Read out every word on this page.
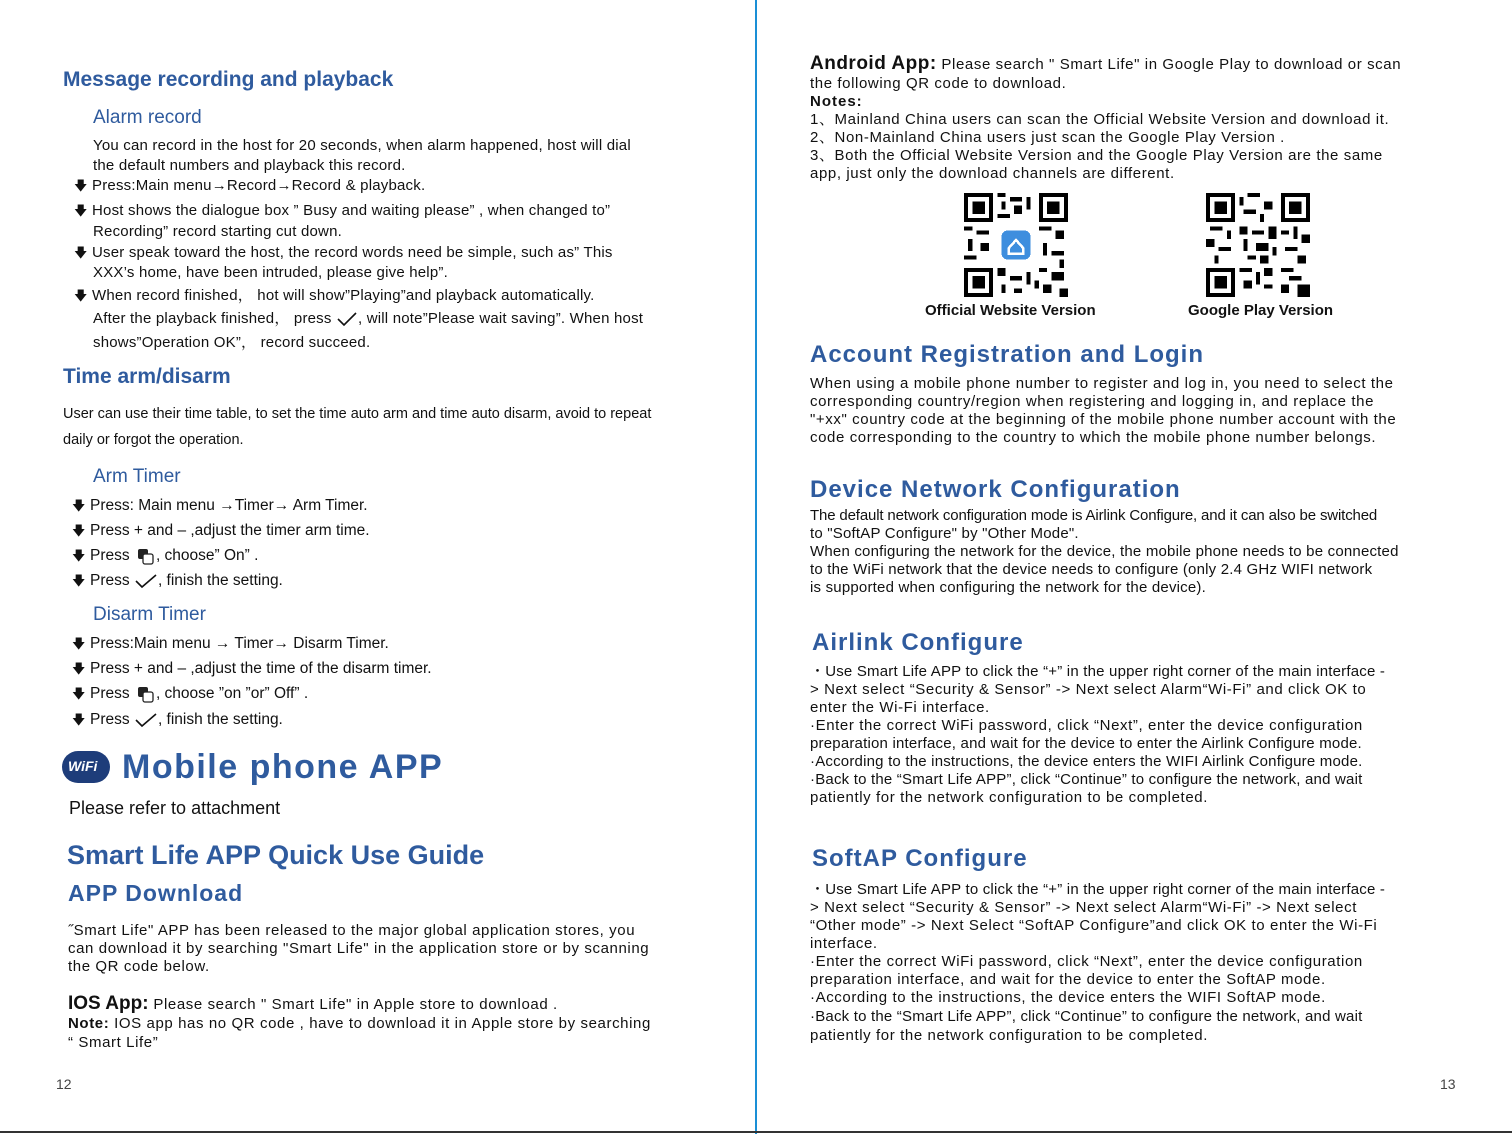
Message recording and playback
Alarm record
You can record in the host for 20 seconds, when alarm happened, host will dial
the default numbers and playback this record.
🡇 Press:Main menu→Record→Record & playback.
🡇 Host shows the dialogue box ” Busy and waiting please” , when changed to”
Recording” record starting cut down.
🡇 User speak toward the host, the record words need be simple, such as” This
XXX’s home, have been intruded, please give help”.
🡇 When record finished， hot will show”Playing”and playback automatically.
After the playback finished， press , will note”Please wait saving”. When host
shows”Operation OK”， record succeed.
Time arm/disarm
User can use their time table, to set the time auto arm and time auto disarm, avoid to repeat
daily or forgot the operation.
Arm Timer
🡇 Press: Main menu →Timer→ Arm Timer.
🡇 Press + and – ,adjust the timer arm time.
🡇 Press , choose” On” .
🡇 Press , finish the setting.
Disarm Timer
🡇 Press:Main menu → Timer→ Disarm Timer.
🡇 Press + and – ,adjust the time of the disarm timer.
🡇 Press , choose ”on ”or” Off” .
🡇 Press , finish the setting.
WiFi Mobile phone APP
Please refer to attachment
Smart Life APP Quick Use Guide
APP Download
˝Smart Life" APP has been released to the major global application stores, you
can download it by searching "Smart Life" in the application store or by scanning
the QR code below.
IOS App: Please search " Smart Life" in Apple store to download .
Note: IOS app has no QR code , have to download it in Apple store by searching
“ Smart Life”
12
Android App: Please search " Smart Life" in Google Play to download or scan
the following QR code to download.
Notes:
1、Mainland China users can scan the Official Website Version and download it.
2、Non-Mainland China users just scan the Google Play Version .
3、Both the Official Website Version and the Google Play Version are the same
app, just only the download channels are different.
Official Website Version	Google Play Version
Account Registration and Login
When using a mobile phone number to register and log in, you need to select the
corresponding country/region when registering and logging in, and replace the
"+xx" country code at the beginning of the mobile phone number account with the
code corresponding to the country to which the mobile phone number belongs.
Device Network Configuration
The default network configuration mode is Airlink Configure, and it can also be switched
to "SoftAP Configure" by "Other Mode".
When configuring the network for the device, the mobile phone needs to be connected
to the WiFi network that the device needs to configure (only 2.4 GHz WIFI network
is supported when configuring the network for the device).
Airlink Configure
・Use Smart Life APP to click the “+” in the upper right corner of the main interface -
> Next select “Security & Sensor” -> Next select Alarm“Wi-Fi” and click OK to
enter the Wi-Fi interface.
·Enter the correct WiFi password, click “Next”, enter the device configuration
preparation interface, and wait for the device to enter the Airlink Configure mode.
·According to the instructions, the device enters the WIFI Airlink Configure mode.
·Back to the “Smart Life APP”, click “Continue” to configure the network, and wait
patiently for the network configuration to be completed.
SoftAP Configure
・Use Smart Life APP to click the “+” in the upper right corner of the main interface -
> Next select “Security & Sensor” -> Next select Alarm“Wi-Fi” -> Next select
“Other mode” -> Next Select “SoftAP Configure”and click OK to enter the Wi-Fi
interface.
·Enter the correct WiFi password, click “Next”, enter the device configuration
preparation interface, and wait for the device to enter the SoftAP mode.
·According to the instructions, the device enters the WIFI SoftAP mode.
·Back to the “Smart Life APP”, click “Continue” to configure the network, and wait
patiently for the network configuration to be completed.
13
